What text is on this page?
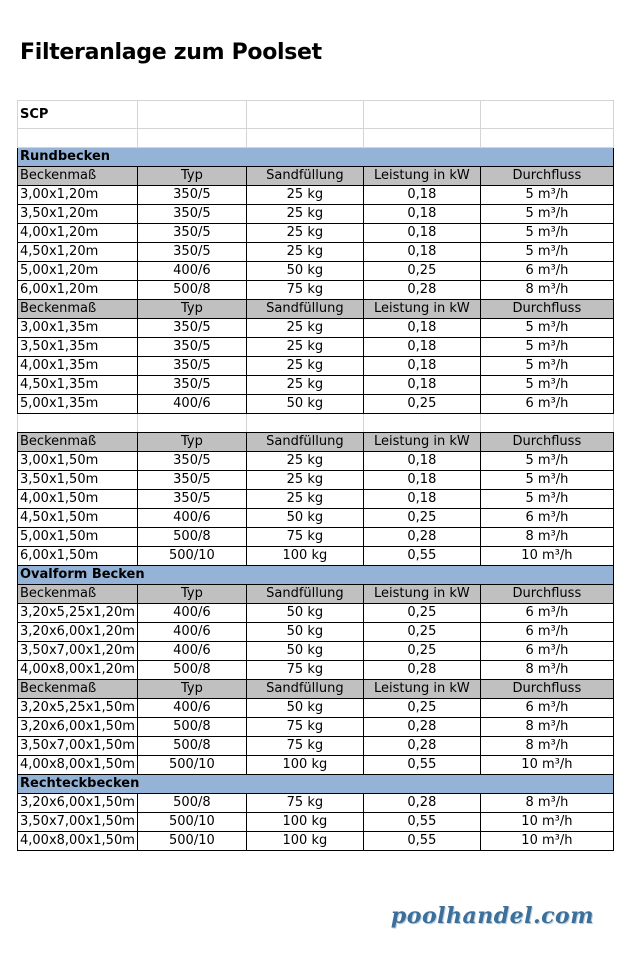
Filteranlage zum Poolset
SCP				

Rundbecken				
Beckenmaß	Typ	Sandfüllung	Leistung in kW	Durchfluss
3,00x1,20m	350/5	25 kg	0,18	5 m³/h
3,50x1,20m	350/5	25 kg	0,18	5 m³/h
4,00x1,20m	350/5	25 kg	0,18	5 m³/h
4,50x1,20m	350/5	25 kg	0,18	5 m³/h
5,00x1,20m	400/6	50 kg	0,25	6 m³/h
6,00x1,20m	500/8	75 kg	0,28	8 m³/h
Beckenmaß	Typ	Sandfüllung	Leistung in kW	Durchfluss
3,00x1,35m	350/5	25 kg	0,18	5 m³/h
3,50x1,35m	350/5	25 kg	0,18	5 m³/h
4,00x1,35m	350/5	25 kg	0,18	5 m³/h
4,50x1,35m	350/5	25 kg	0,18	5 m³/h
5,00x1,35m	400/6	50 kg	0,25	6 m³/h

Beckenmaß	Typ	Sandfüllung	Leistung in kW	Durchfluss
3,00x1,50m	350/5	25 kg	0,18	5 m³/h
3,50x1,50m	350/5	25 kg	0,18	5 m³/h
4,00x1,50m	350/5	25 kg	0,18	5 m³/h
4,50x1,50m	400/6	50 kg	0,25	6 m³/h
5,00x1,50m	500/8	75 kg	0,28	8 m³/h
6,00x1,50m	500/10	100 kg	0,55	10 m³/h
Ovalform Becken				
Beckenmaß	Typ	Sandfüllung	Leistung in kW	Durchfluss
3,20x5,25x1,20m	400/6	50 kg	0,25	6 m³/h
3,20x6,00x1,20m	400/6	50 kg	0,25	6 m³/h
3,50x7,00x1,20m	400/6	50 kg	0,25	6 m³/h
4,00x8,00x1,20m	500/8	75 kg	0,28	8 m³/h
Beckenmaß	Typ	Sandfüllung	Leistung in kW	Durchfluss
3,20x5,25x1,50m	400/6	50 kg	0,25	6 m³/h
3,20x6,00x1,50m	500/8	75 kg	0,28	8 m³/h
3,50x7,00x1,50m	500/8	75 kg	0,28	8 m³/h
4,00x8,00x1,50m	500/10	100 kg	0,55	10 m³/h
Rechteckbecken				
3,20x6,00x1,50m	500/8	75 kg	0,28	8 m³/h
3,50x7,00x1,50m	500/10	100 kg	0,55	10 m³/h
4,00x8,00x1,50m	500/10	100 kg	0,55	10 m³/h
poolhandel.com
